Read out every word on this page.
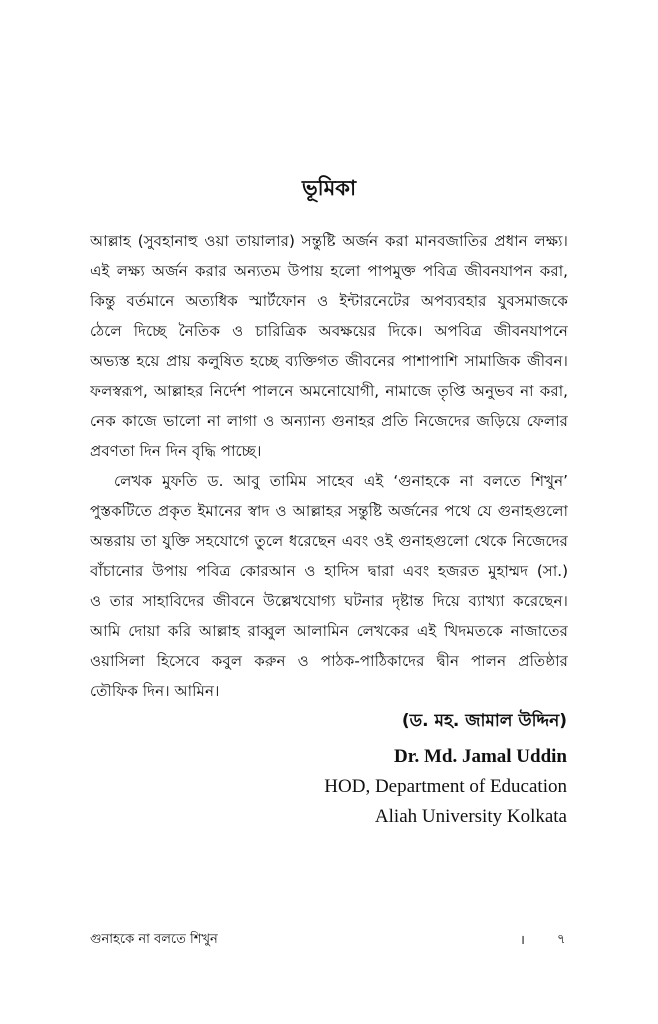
ভূমিকা
আল্লাহ (সুবহানাহু ওয়া তায়ালার) সন্তুষ্টি অর্জন করা মানবজাতির প্রধান লক্ষ্য।
এই লক্ষ্য অর্জন করার অন্যতম উপায় হলো পাপমুক্ত পবিত্র জীবনযাপন করা,
কিন্তু বর্তমানে অত্যধিক স্মার্টফোন ও ইন্টারনেটের অপব্যবহার যুবসমাজকে
ঠেলে দিচ্ছে নৈতিক ও চারিত্রিক অবক্ষয়ের দিকে। অপবিত্র জীবনযাপনে
অভ্যস্ত হয়ে প্রায় কলুষিত হচ্ছে ব্যক্তিগত জীবনের পাশাপাশি সামাজিক জীবন।
ফলস্বরূপ, আল্লাহর নির্দেশ পালনে অমনোযোগী, নামাজে তৃপ্তি অনুভব না করা,
নেক কাজে ভালো না লাগা ও অন্যান্য গুনাহর প্রতি নিজেদের জড়িয়ে ফেলার
প্রবণতা দিন দিন বৃদ্ধি পাচ্ছে।
লেখক মুফতি ড. আবু তামিম সাহেব এই ‘গুনাহকে না বলতে শিখুন’
পুস্তকটিতে প্রকৃত ইমানের স্বাদ ও আল্লাহর সন্তুষ্টি অর্জনের পথে যে গুনাহগুলো
অন্তরায় তা যুক্তি সহযোগে তুলে ধরেছেন এবং ওই গুনাহগুলো থেকে নিজেদের
বাঁচানোর উপায় পবিত্র কোরআন ও হাদিস দ্বারা এবং হজরত মুহাম্মদ (সা.)
ও তার সাহাবিদের জীবনে উল্লেখযোগ্য ঘটনার দৃষ্টান্ত দিয়ে ব্যাখ্যা করেছেন।
আমি দোয়া করি আল্লাহ রাব্বুল আলামিন লেখকের এই খিদমতকে নাজাতের
ওয়াসিলা হিসেবে কবুল করুন ও পাঠক-পাঠিকাদের দ্বীন পালন প্রতিষ্ঠার
তৌফিক দিন। আমিন।
(ড. মহ. জামাল উদ্দিন)
Dr. Md. Jamal Uddin
HOD, Department of Education
Aliah University Kolkata
গুনাহকে না বলতে শিখুন	। ৭
